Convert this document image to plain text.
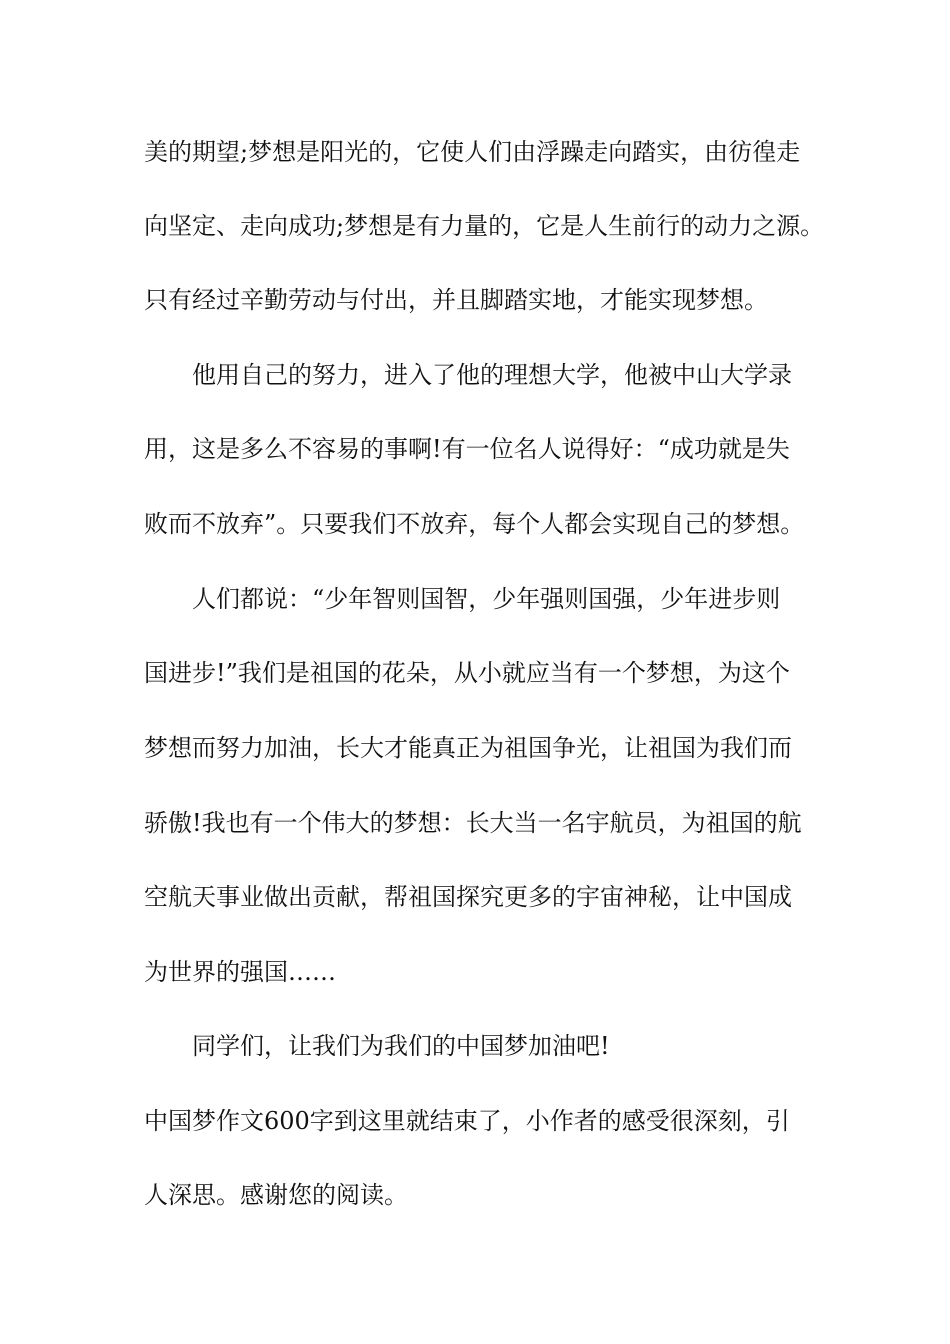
美的期望;梦想是阳光的，它使人们由浮躁走向踏实，由彷徨走

向坚定、走向成功;梦想是有力量的，它是人生前行的动力之源。

只有经过辛勤劳动与付出，并且脚踏实地，才能实现梦想。

他用自己的努力，进入了他的理想大学，他被中山大学录

用，这是多么不容易的事啊!有一位名人说得好：“成功就是失

败而不放弃”。只要我们不放弃，每个人都会实现自己的梦想。

人们都说：“少年智则国智，少年强则国强，少年进步则

国进步!”我们是祖国的花朵，从小就应当有一个梦想，为这个

梦想而努力加油，长大才能真正为祖国争光，让祖国为我们而

骄傲!我也有一个伟大的梦想：长大当一名宇航员，为祖国的航

空航天事业做出贡献，帮祖国探究更多的宇宙神秘，让中国成

为世界的强国……

同学们，让我们为我们的中国梦加油吧!

中国梦作文600字到这里就结束了，小作者的感受很深刻，引

人深思。感谢您的阅读。
